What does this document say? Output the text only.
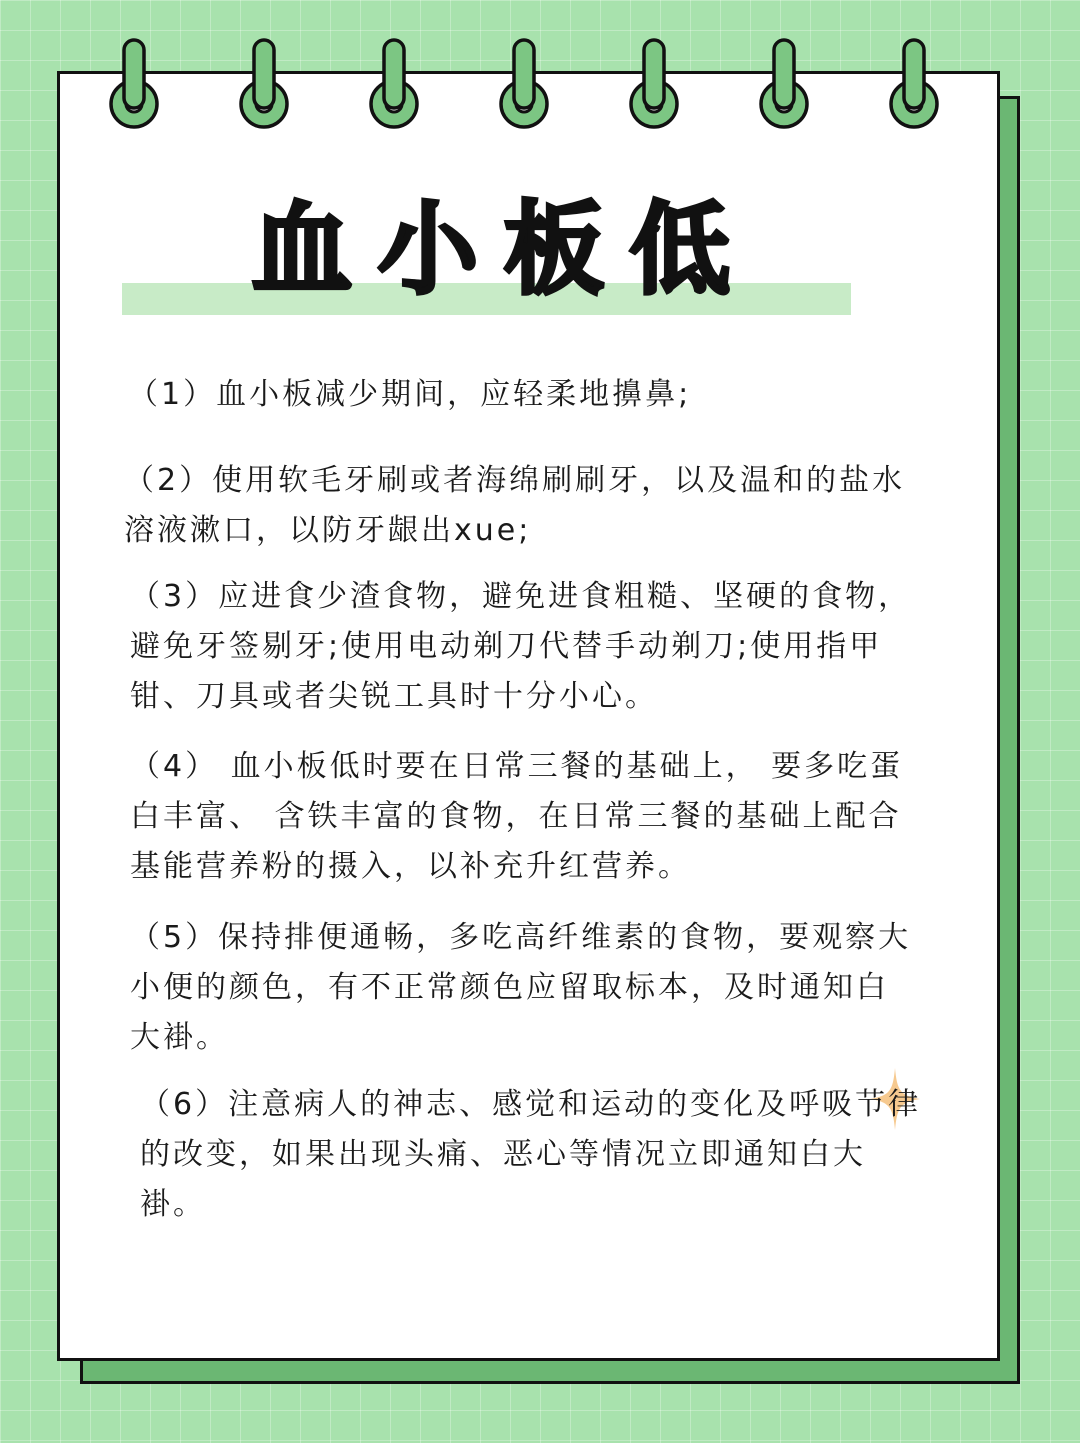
血小板低

（1）血小板减少期间，应轻柔地擤鼻;

（2）使用软毛牙刷或者海绵刷刷牙，以及温和的盐水溶液漱口，以防牙龈出xue;

（3）应进食少渣食物，避免进食粗糙、坚硬的食物，避免牙签剔牙;使用电动剃刀代替手动剃刀;使用指甲钳、刀具或者尖锐工具时十分小心。

（4） 血小板低时要在日常三餐的基础上， 要多吃蛋白丰富、 含铁丰富的食物，在日常三餐的基础上配合基能营养粉的摄入，以补充升红营养。

（5）保持排便通畅，多吃高纤维素的食物，要观察大小便的颜色，有不正常颜色应留取标本，及时通知白大褂。

（6）注意病人的神志、感觉和运动的变化及呼吸节律的改变，如果出现头痛、恶心等情况立即通知白大褂。
